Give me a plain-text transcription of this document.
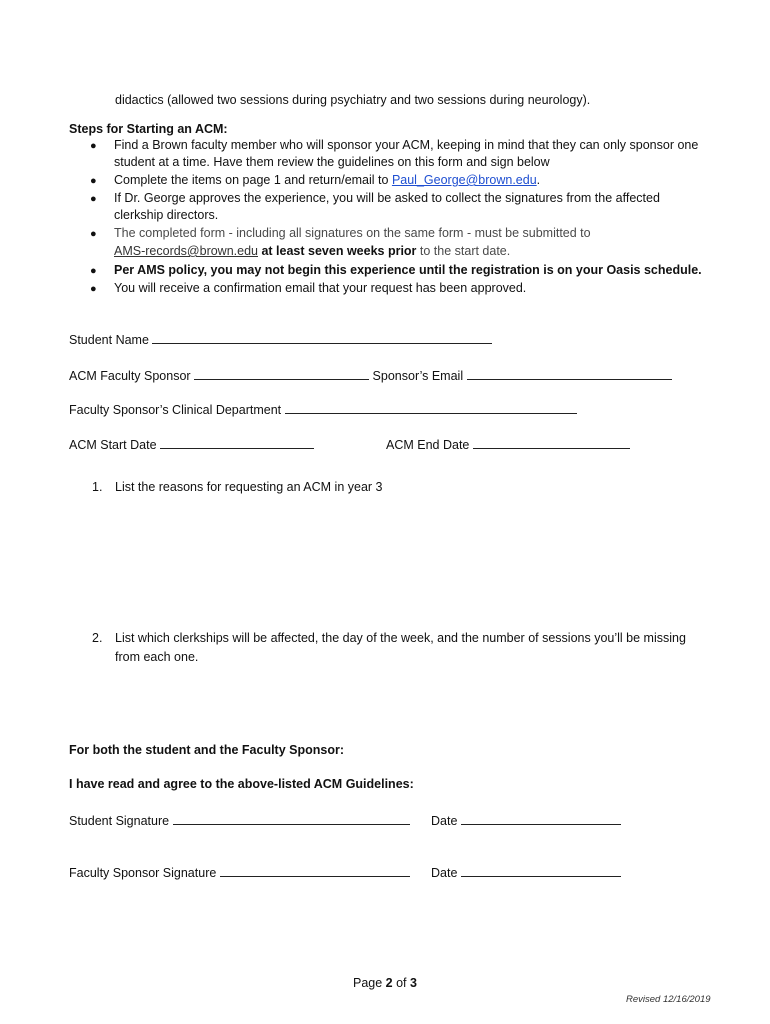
didactics (allowed two sessions during psychiatry and two sessions during neurology).
Steps for Starting an ACM:
● Find a Brown faculty member who will sponsor your ACM, keeping in mind that they can only sponsor one
student at a time. Have them review the guidelines on this form and sign below
● Complete the items on page 1 and return/email to Paul_George@brown.edu.
● If Dr. George approves the experience, you will be asked to collect the signatures from the affected
clerkship directors.
● The completed form - including all signatures on the same form - must be submitted to
AMS-records@brown.edu at least seven weeks prior to the start date.
● Per AMS policy, you may not begin this experience until the registration is on your Oasis schedule.
● You will receive a confirmation email that your request has been approved.
Student Name
ACM Faculty Sponsor	Sponsor’s Email
Faculty Sponsor’s Clinical Department
ACM Start Date	ACM End Date
1. List the reasons for requesting an ACM in year 3
2. List which clerkships will be affected, the day of the week, and the number of sessions you’ll be missing
from each one.
For both the student and the Faculty Sponsor:
I have read and agree to the above-listed ACM Guidelines:
Student Signature	Date
Faculty Sponsor Signature	Date
Page 2 of 3
Revised 12/16/2019
